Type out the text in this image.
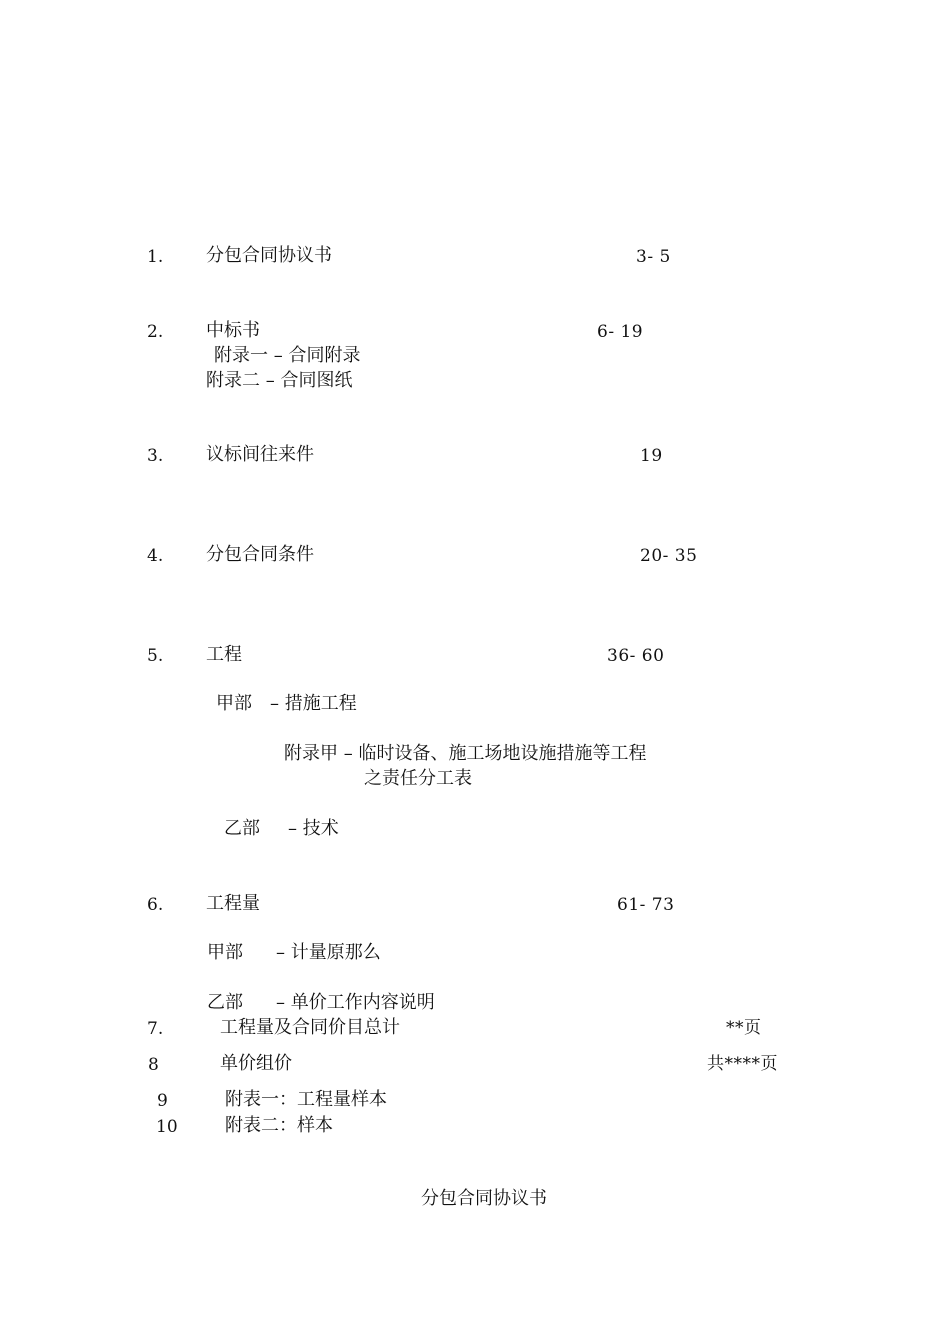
1. 分包合同协议书	3- 5
2. 中标书	6- 19
附录一 – 合同附录
附录二 – 合同图纸
3. 议标间往来件	19
4. 分包合同条件	20- 35
5. 工程	36- 60
甲部 – 措施工程
附录甲 – 临时设备、施工场地设施措施等工程
之责任分工表
乙部 – 技术
6. 工程量	61- 73
甲部 – 计量原那么
乙部 – 单价工作内容说明
7.	工程量及合同价目总计	**页
8	单价组价	共****页
9	附表一：工程量样本
10	附表二：样本
分包合同协议书
